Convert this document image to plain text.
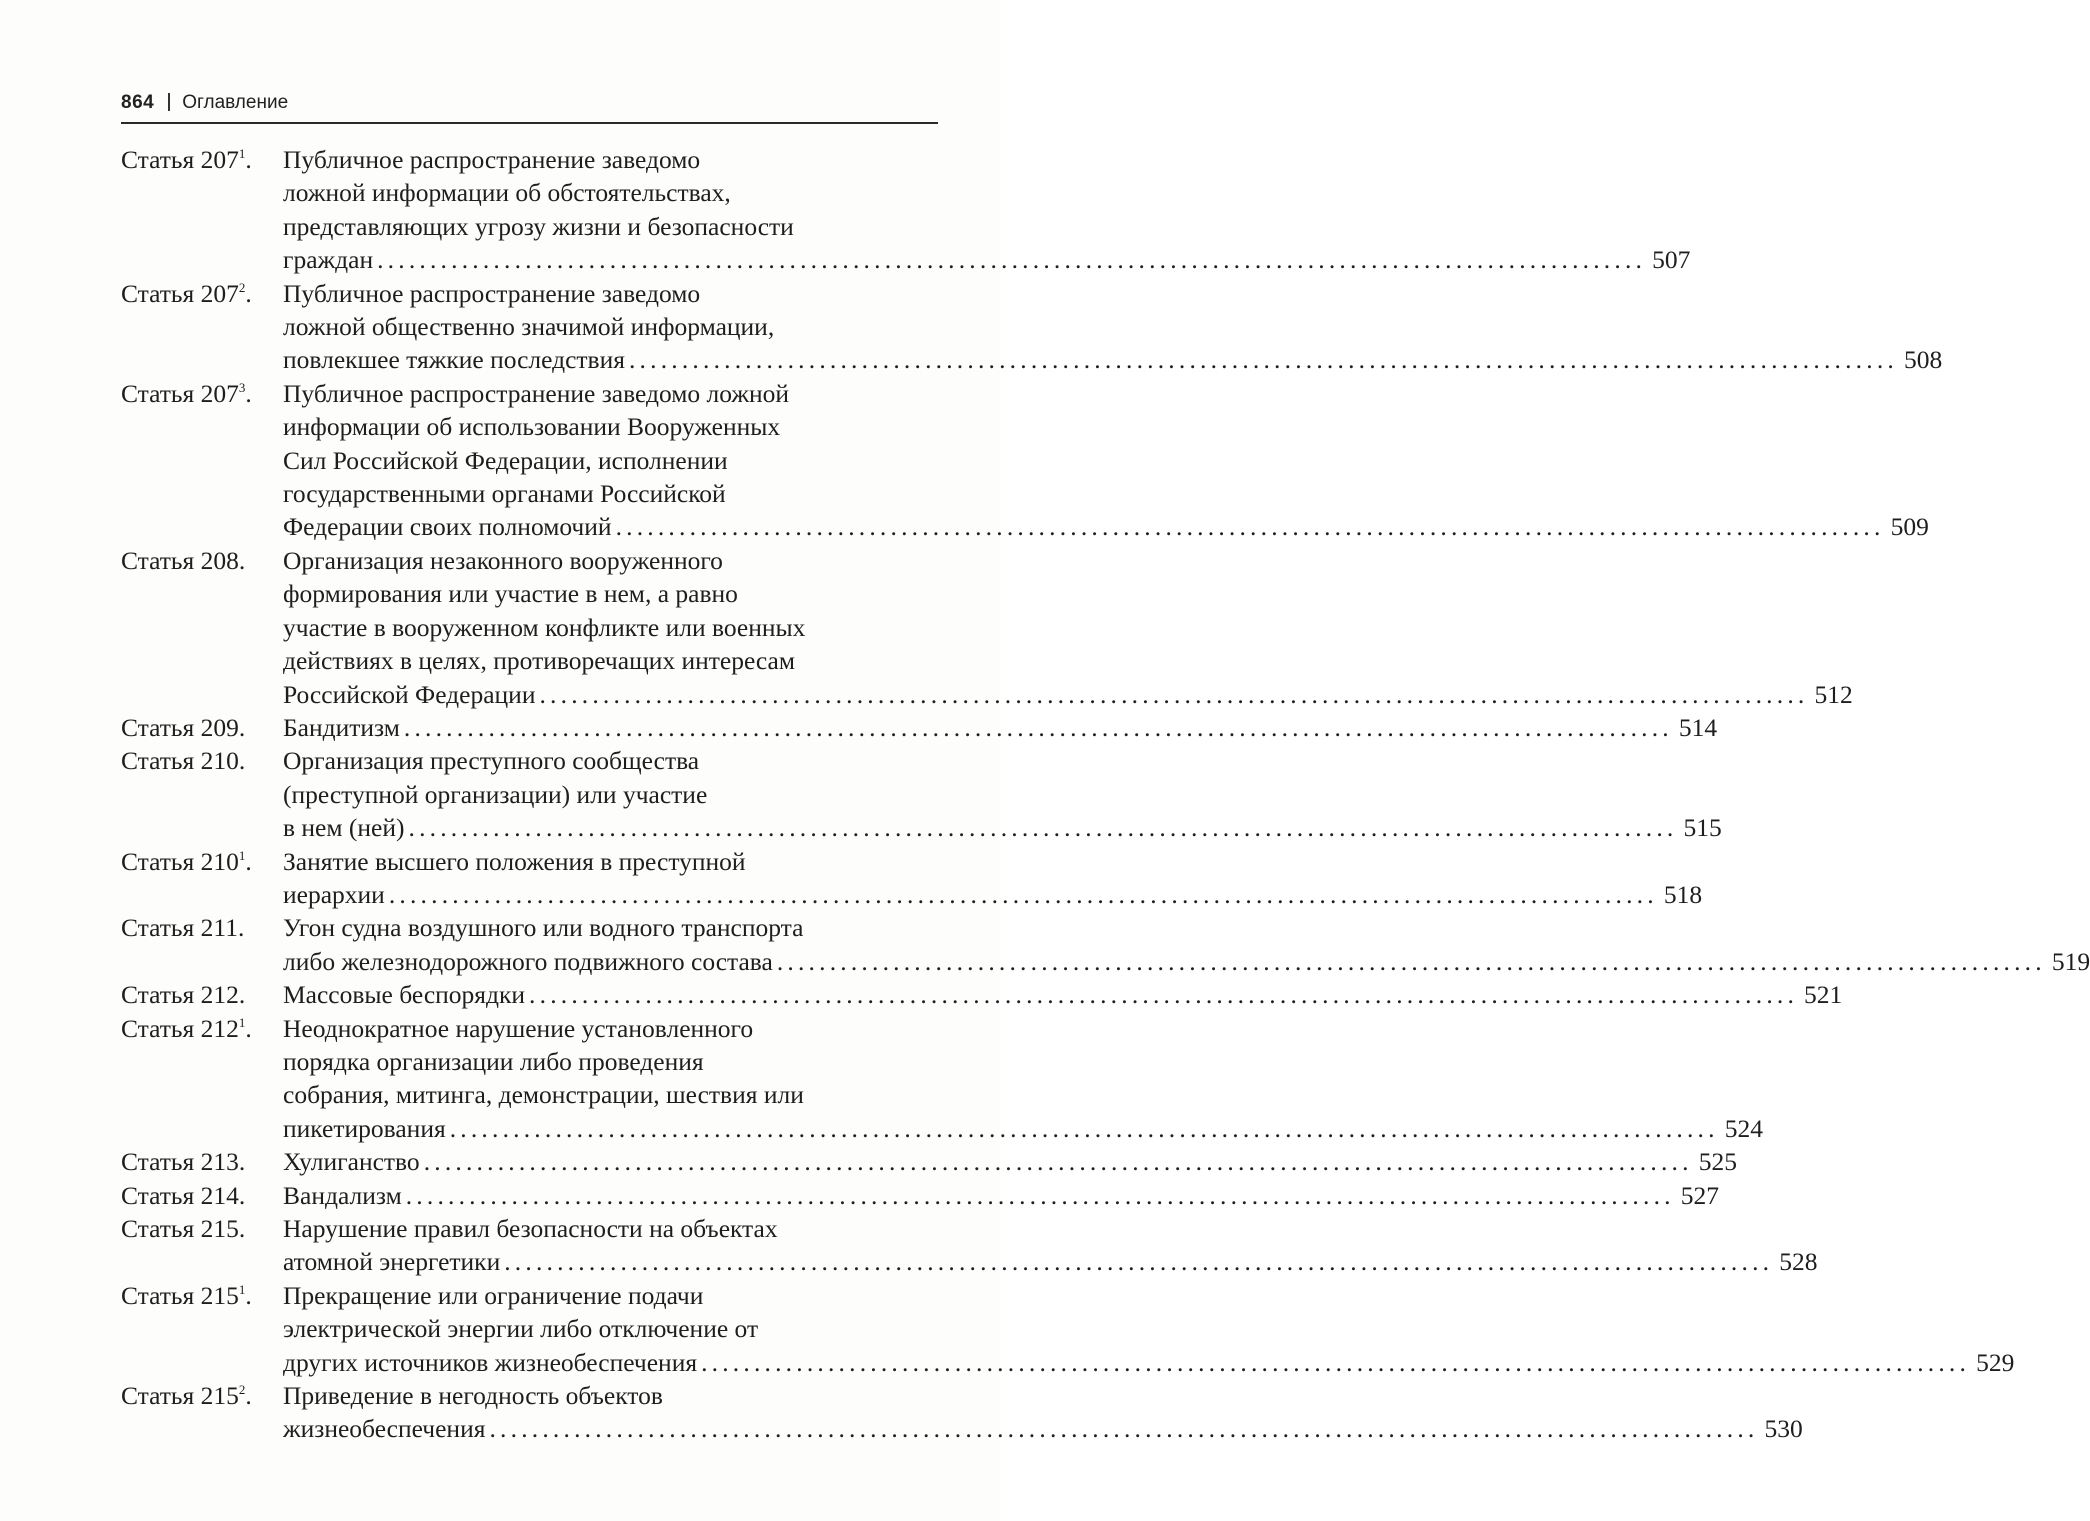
864 Оглавление
Статья $207^1$. Публичное распространение заведомо
ложной информации об обстоятельствах,
представляющих угрозу жизни и безопасности
граждан ........................................................................................................................ 507
Статья $207^2$. Публичное распространение заведомо
ложной общественно значимой информации,
повлекшее тяжкие последствия ........................................................................................................................ 508
Статья $207^3$. Публичное распространение заведомо ложной
информации об использовании Вооруженных
Сил Российской Федерации, исполнении
государственными органами Российской
Федерации своих полномочий ........................................................................................................................ 509
Статья 208. Организация незаконного вооруженного
формирования или участие в нем, а равно
участие в вооруженном конфликте или военных
действиях в целях, противоречащих интересам
Российской Федерации ........................................................................................................................ 512
Статья 209. Бандитизм ........................................................................................................................ 514
Статья 210. Организация преступного сообщества
(преступной организации) или участие
в нем (ней) ........................................................................................................................ 515
Статья $210^1$. Занятие высшего положения в преступной
иерархии ........................................................................................................................ 518
Статья 211. Угон судна воздушного или водного транспорта
либо железнодорожного подвижного состава ........................................................................................................................ 519
Статья 212. Массовые беспорядки ........................................................................................................................ 521
Статья $212^1$. Неоднократное нарушение установленного
порядка организации либо проведения
собрания, митинга, демонстрации, шествия или
пикетирования ........................................................................................................................ 524
Статья 213. Хулиганство ........................................................................................................................ 525
Статья 214. Вандализм ........................................................................................................................ 527
Статья 215. Нарушение правил безопасности на объектах
атомной энергетики ........................................................................................................................ 528
Статья $215^1$. Прекращение или ограничение подачи
электрической энергии либо отключение от
других источников жизнеобеспечения ........................................................................................................................ 529
Статья $215^2$. Приведение в негодность объектов
жизнеобеспечения ........................................................................................................................ 530
